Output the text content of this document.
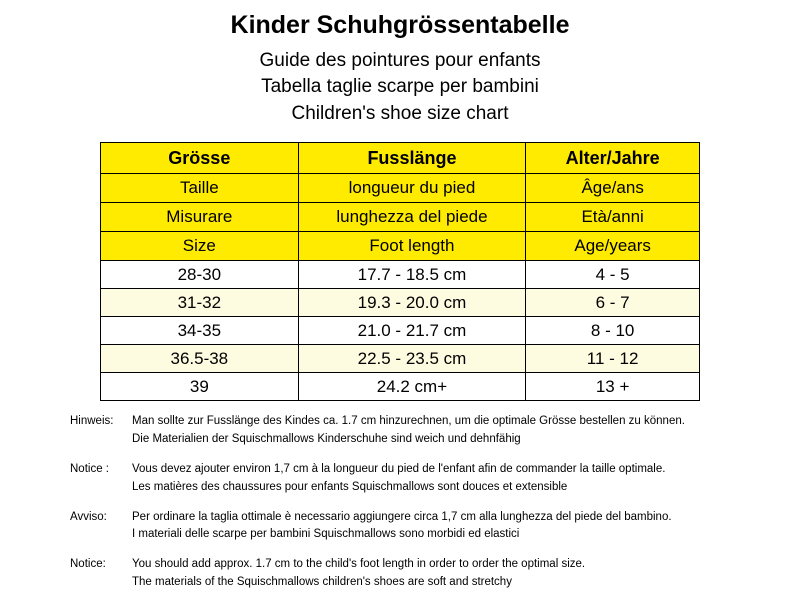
Kinder Schuhgrössentabelle
Guide des pointures pour enfants
Tabella taglie scarpe per bambini
Children's shoe size chart
Grösse	Fusslänge	Alter/Jahre
Taille	longueur du pied	Âge/ans
Misurare	lunghezza del piede	Età/anni
Size	Foot length	Age/years
28-30	17.7 - 18.5 cm	4 - 5
31-32	19.3 - 20.0 cm	6 - 7
34-35	21.0 - 21.7 cm	8 - 10
36.5-38	22.5 - 23.5 cm	11 - 12
39	24.2 cm+	13 +
Hinweis:	Man sollte zur Fusslänge des Kindes ca. 1.7 cm hinzurechnen, um die optimale Grösse bestellen zu können.
Die Materialien der Squischmallows Kinderschuhe sind weich und dehnfähig
Notice :	Vous devez ajouter environ 1,7 cm à la longueur du pied de l'enfant afin de commander la taille optimale.
Les matières des chaussures pour enfants Squischmallows sont douces et extensible
Avviso:	Per ordinare la taglia ottimale è necessario aggiungere circa 1,7 cm alla lunghezza del piede del bambino.
I materiali delle scarpe per bambini Squischmallows sono morbidi ed elastici
Notice:	You should add approx. 1.7 cm to the child's foot length in order to order the optimal size.
The materials of the Squischmallows children's shoes are soft and stretchy
